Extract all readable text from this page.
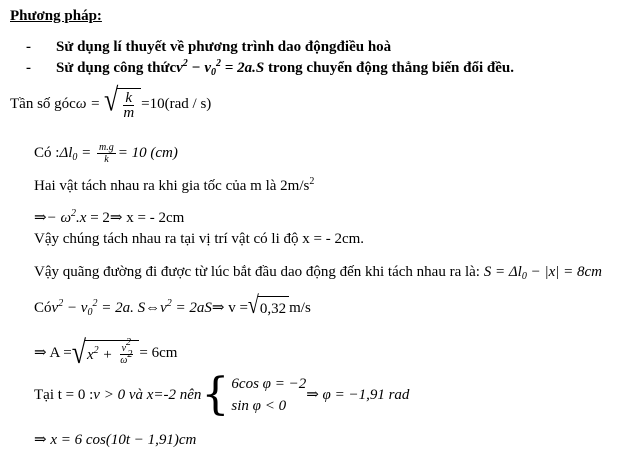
Phương pháp:
- Sử dụng lí thuyết về phương trình dao độngđiều hoà
- Sử dụng công thứcv$^2$ − $v_0^2 = 2a.S$ trong chuyển động thẳng biến đổi đều.
Tần số góc ω = √ $\frac{k}{m} =10(rad / s)$
Có : $\Delta l_0 = \frac{m.g}{k} = 10$ (cm)
Hai vật tách nhau ra khi gia tốc của m là $2m/s^2$
⇒− $\omega^2.x$ = 2⇒ x = - 2cm
Vậy chúng tách nhau ra tại vị trí vật có li độ x = - 2cm.
Vậy quãng đường đi được từ lúc bắt đầu dao động đến khi tách nhau ra là: $S = \Delta l_0 - |x| = 8cm$
Có $v^2 - v_0^2 = 2a$. $S\Leftrightarrow v^2 = 2aS$ ⇒ v = √ 0,32 m/s
⇒ A = √ $x^2 + \frac{v^2}{\omega^2} = 6cm$
Tại t = 0 : v > 0 và x=-2 nên { 6cos φ = −2
sin φ < 0
⇒ φ = −1,91 rad
⇒ x = 6 cos(10t − 1,91)cm
